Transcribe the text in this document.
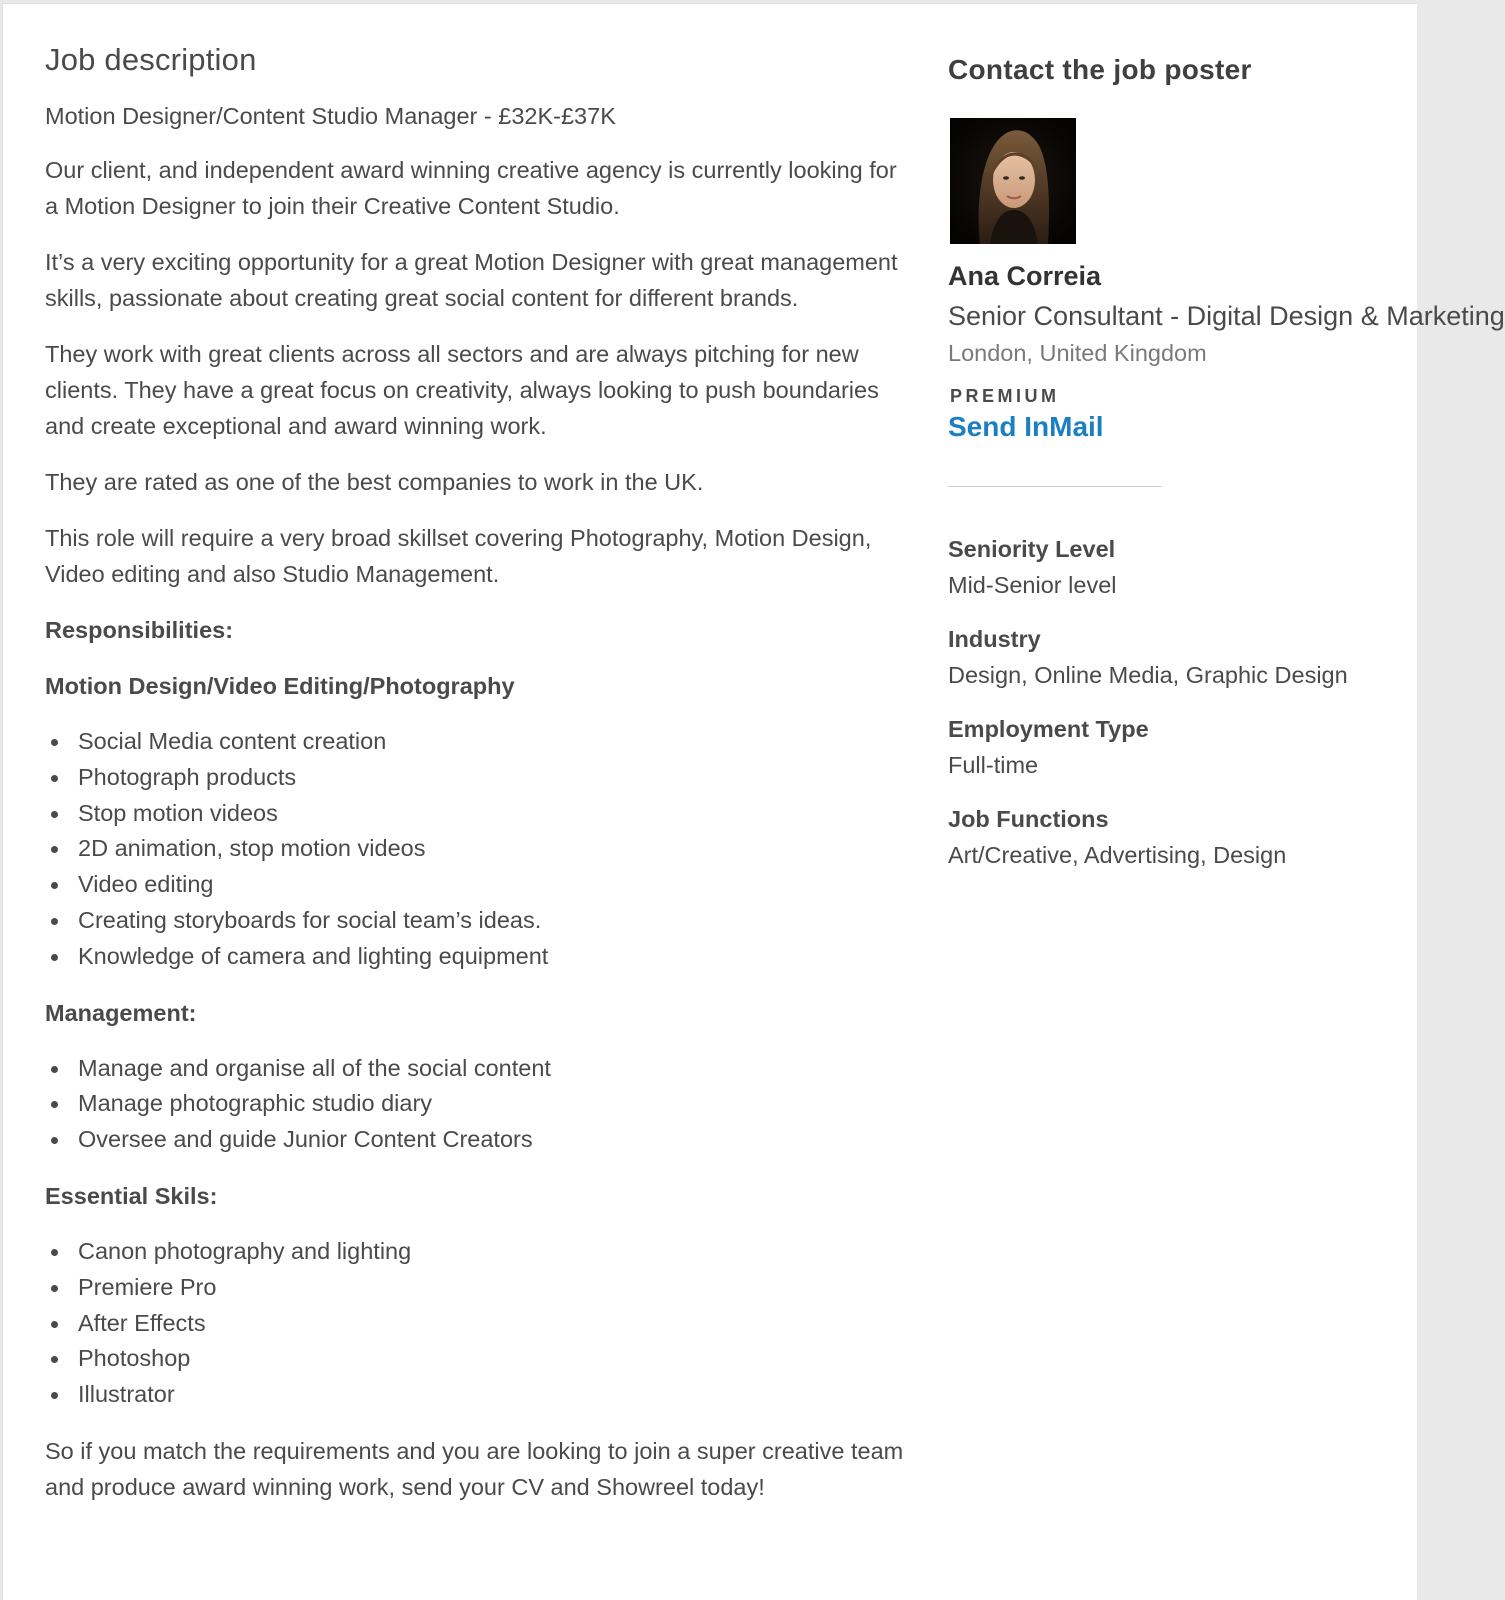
Job description

Motion Designer/Content Studio Manager - £32K-£37K

Our client, and independent award winning creative agency is currently looking for a Motion Designer to join their Creative Content Studio.

It’s a very exciting opportunity for a great Motion Designer with great management skills, passionate about creating great social content for different brands.

They work with great clients across all sectors and are always pitching for new clients. They have a great focus on creativity, always looking to push boundaries and create exceptional and award winning work.

They are rated as one of the best companies to work in the UK.

This role will require a very broad skillset covering Photography, Motion Design, Video editing and also Studio Management.

Responsibilities:

Motion Design/Video Editing/Photography

Social Media content creation
Photograph products
Stop motion videos
2D animation, stop motion videos
Video editing
Creating storyboards for social team’s ideas.
Knowledge of camera and lighting equipment

Management:

Manage and organise all of the social content
Manage photographic studio diary
Oversee and guide Junior Content Creators

Essential Skils:

Canon photography and lighting
Premiere Pro
After Effects
Photoshop
Illustrator

So if you match the requirements and you are looking to join a super creative team and produce award winning work, send your CV and Showreel today!

Contact the job poster
Ana Correia
Senior Consultant - Digital Design & Marketing
London, United Kingdom
PREMIUM
Send InMail
Seniority Level
Mid-Senior level
Industry
Design, Online Media, Graphic Design
Employment Type
Full-time
Job Functions
Art/Creative, Advertising, Design
